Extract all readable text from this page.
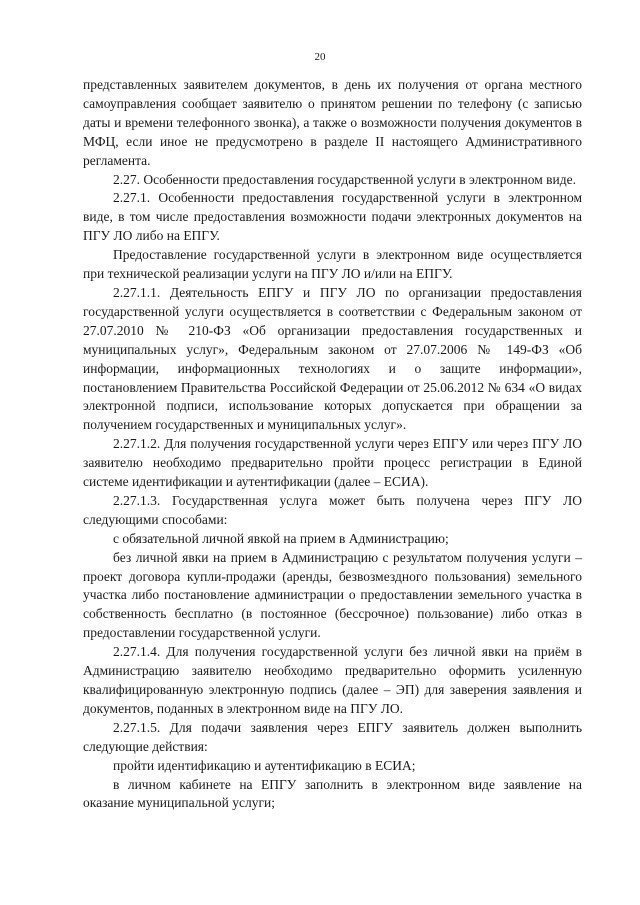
20

представленных заявителем документов, в день их получения от органа местного самоуправления сообщает заявителю о принятом решении по телефону (с записью даты и времени телефонного звонка), а также о возможности получения документов в МФЦ, если иное не предусмотрено в разделе II настоящего Административного регламента.

2.27. Особенности предоставления государственной услуги в электронном виде.

2.27.1. Особенности предоставления государственной услуги в электронном виде, в том числе предоставления возможности подачи электронных документов на ПГУ ЛО либо на ЕПГУ.

Предоставление государственной услуги в электронном виде осуществляется при технической реализации услуги на ПГУ ЛО и/или на ЕПГУ.

2.27.1.1. Деятельность ЕПГУ и ПГУ ЛО по организации предоставления государственной услуги осуществляется в соответствии с Федеральным законом от 27.07.2010 № 210-ФЗ «Об организации предоставления государственных и муниципальных услуг», Федеральным законом от 27.07.2006 № 149-ФЗ «Об информации, информационных технологиях и о защите информации», постановлением Правительства Российской Федерации от 25.06.2012 № 634 «О видах электронной подписи, использование которых допускается при обращении за получением государственных и муниципальных услуг».

2.27.1.2. Для получения государственной услуги через ЕПГУ или через ПГУ ЛО заявителю необходимо предварительно пройти процесс регистрации в Единой системе идентификации и аутентификации (далее – ЕСИА).

2.27.1.3. Государственная услуга может быть получена через ПГУ ЛО следующими способами:

с обязательной личной явкой на прием в Администрацию;

без личной явки на прием в Администрацию с результатом получения услуги – проект договора купли-продажи (аренды, безвозмездного пользования) земельного участка либо постановление администрации о предоставлении земельного участка в собственность бесплатно (в постоянное (бессрочное) пользование) либо отказ в предоставлении государственной услуги.

2.27.1.4. Для получения государственной услуги без личной явки на приём в Администрацию заявителю необходимо предварительно оформить усиленную квалифицированную электронную подпись (далее – ЭП) для заверения заявления и документов, поданных в электронном виде на ПГУ ЛО.

2.27.1.5. Для подачи заявления через ЕПГУ заявитель должен выполнить следующие действия:

пройти идентификацию и аутентификацию в ЕСИА;

в личном кабинете на ЕПГУ заполнить в электронном виде заявление на оказание муниципальной услуги;
